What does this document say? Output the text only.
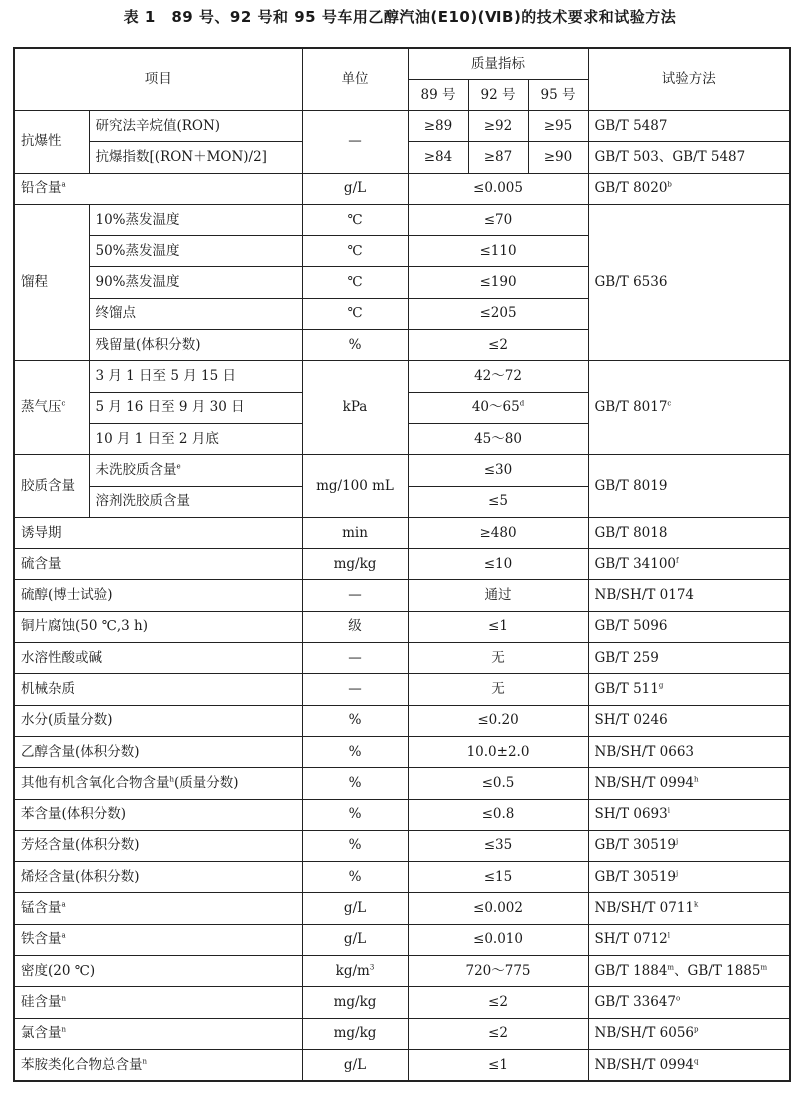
表 1　89 号、92 号和 95 号车用乙醇汽油(E10)(ⅥB)的技术要求和试验方法
项目		单位	质量指标			试验方法
			89 号	92 号	95 号	
抗爆性	研究法辛烷值(RON)	—	≥89	≥92	≥95	GB/T 5487
	抗爆指数[(RON＋MON)/2]		≥84	≥87	≥90	GB/T 503、GB/T 5487
铅含量$^a$		g/L	≤0.005			GB/T 8020$^b$
馏程	10%蒸发温度	℃	≤70			GB/T 6536
	50%蒸发温度	℃	≤110			
	90%蒸发温度	℃	≤190			
	终馏点	℃	≤205			
	残留量(体积分数)	%	≤2			
蒸气压$^c$	3 月 1 日至 5 月 15 日	kPa	42～72			GB/T 8017$^c$
	5 月 16 日至 9 月 30 日		40～65$^d$
	10 月 1 日至 2 月底		45～80			
胶质含量	未洗胶质含量$^e$	mg/100 mL	≤30			GB/T 8019
	溶剂洗胶质含量		≤5			
诱导期		min	≥480			GB/T 8018
硫含量		mg/kg	≤10			GB/T 34100$^f$
硫醇(博士试验)		—	通过			NB/SH/T 0174
铜片腐蚀(50 ℃,3 h)		级	≤1			GB/T 5096
水溶性酸或碱		—	无			GB/T 259
机械杂质		—	无			GB/T 511$^g$
水分(质量分数)		%	≤0.20			SH/T 0246
乙醇含量(体积分数)		%	10.0±2.0			NB/SH/T 0663
其他有机含氧化合物含量$^h$(质量分数)		%	≤0.5			NB/SH/T 0994$^h$
苯含量(体积分数)		%	≤0.8			SH/T 0693$^i$
芳烃含量(体积分数)		%	≤35			GB/T 30519$^j$
烯烃含量(体积分数)		%	≤15			GB/T 30519$^j$
锰含量$^a$		g/L	≤0.002			NB/SH/T 0711$^k$
铁含量$^a$		g/L	≤0.010			SH/T 0712$^l$
密度(20 ℃)		$kg/m^3$	720～775			GB/T 1884$^m$、GB/T 1885$^m$
硅含量$^n$		mg/kg	≤2			GB/T 33647$^o$
氯含量$^n$		mg/kg	≤2			NB/SH/T 6056$^p$
苯胺类化合物总含量$^n$		g/L	≤1			NB/SH/T 0994$^q$
